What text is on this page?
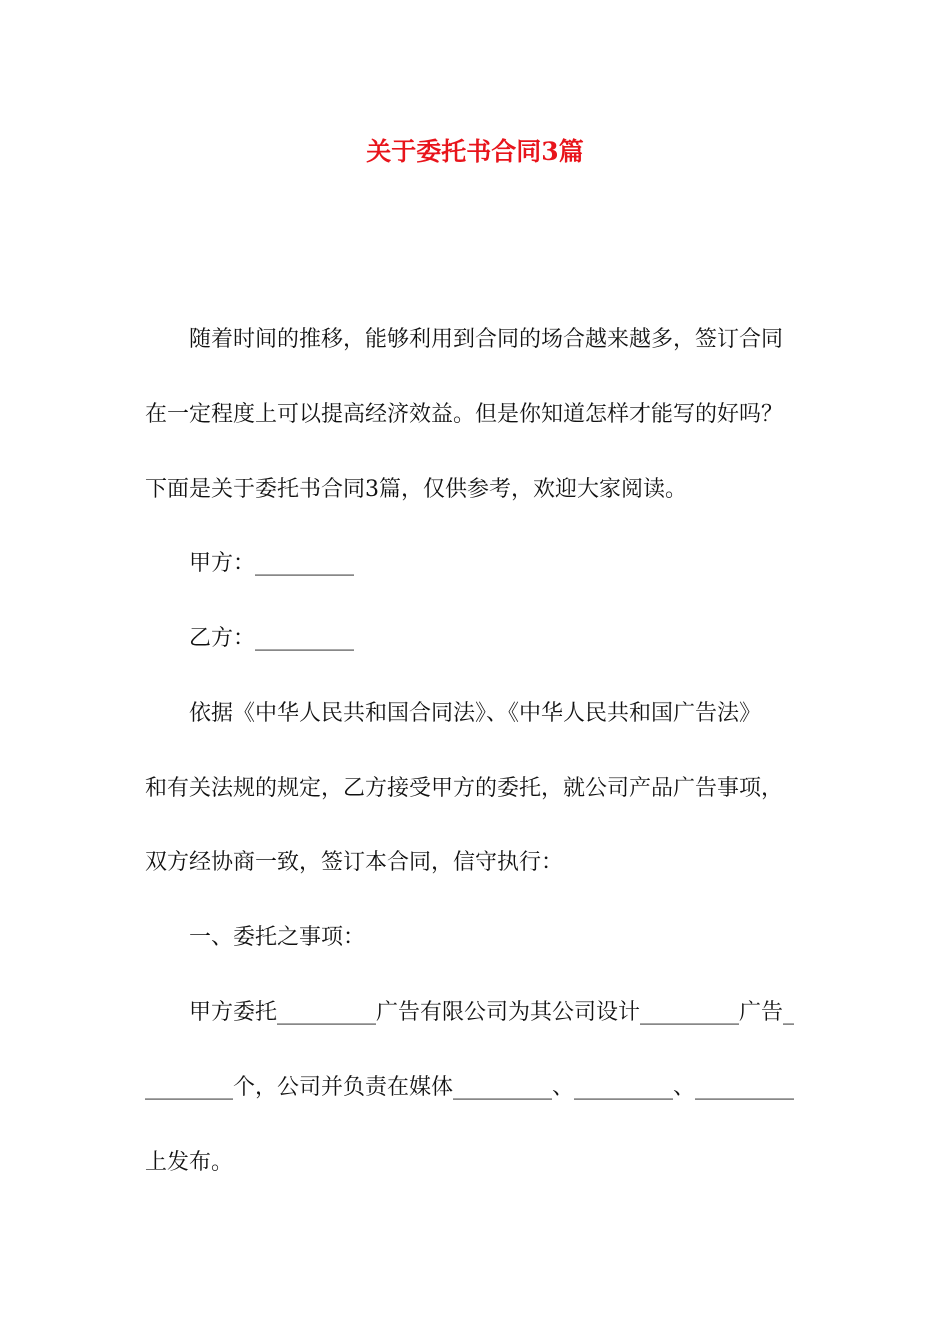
关于委托书合同3篇
随着时间的推移，能够利用到合同的场合越来越多，签订合同
在一定程度上可以提高经济效益。但是你知道怎样才能写的好吗？
下面是关于委托书合同3篇，仅供参考，欢迎大家阅读。
甲方：_________
乙方：_________
依据《中华人民共和国合同法》、《中华人民共和国广告法》
和有关法规的规定，乙方接受甲方的委托，就公司产品广告事项，
双方经协商一致，签订本合同，信守执行：
一、委托之事项：
甲方委托_________广告有限公司为其公司设计_________广告_
________个，公司并负责在媒体_________、_________、_________
上发布。
